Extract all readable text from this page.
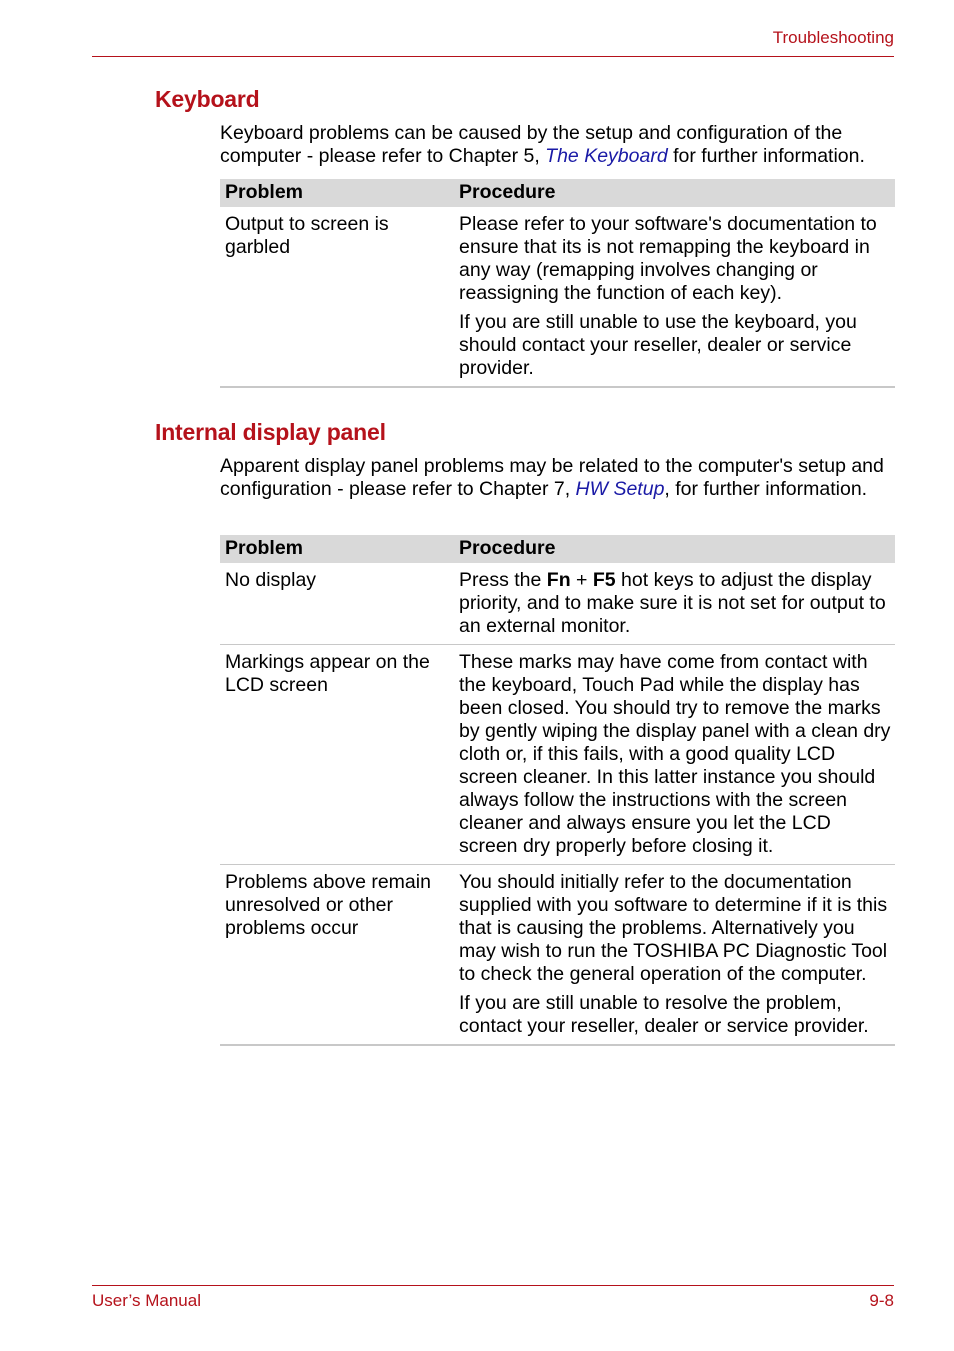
Troubleshooting
Keyboard

Keyboard problems can be caused by the setup and configuration of the computer - please refer to Chapter 5, The Keyboard for further information.

Problem	Procedure
Output to screen is garbled	Please refer to your software's documentation to ensure that its is not remapping the keyboard in any way (remapping involves changing or reassigning the function of each key).

If you are still unable to use the keyboard, you should contact your reseller, dealer or service provider.

Internal display panel

Apparent display panel problems may be related to the computer's setup and configuration - please refer to Chapter 7, HW Setup, for further information.

Problem	Procedure
No display	Press the Fn + F5 hot keys to adjust the display priority, and to make sure it is not set for output to an external monitor.

Markings appear on the LCD screen	These marks may have come from contact with the keyboard, Touch Pad while the display has been closed. You should try to remove the marks by gently wiping the display panel with a clean dry cloth or, if this fails, with a good quality LCD screen cleaner. In this latter instance you should always follow the instructions with the screen cleaner and always ensure you let the LCD screen dry properly before closing it.

Problems above remain unresolved or other problems occur	You should initially refer to the documentation supplied with you software to determine if it is this that is causing the problems. Alternatively you may wish to run the TOSHIBA PC Diagnostic Tool to check the general operation of the computer.

If you are still unable to resolve the problem, contact your reseller, dealer or service provider.

User’s Manual	9-8
